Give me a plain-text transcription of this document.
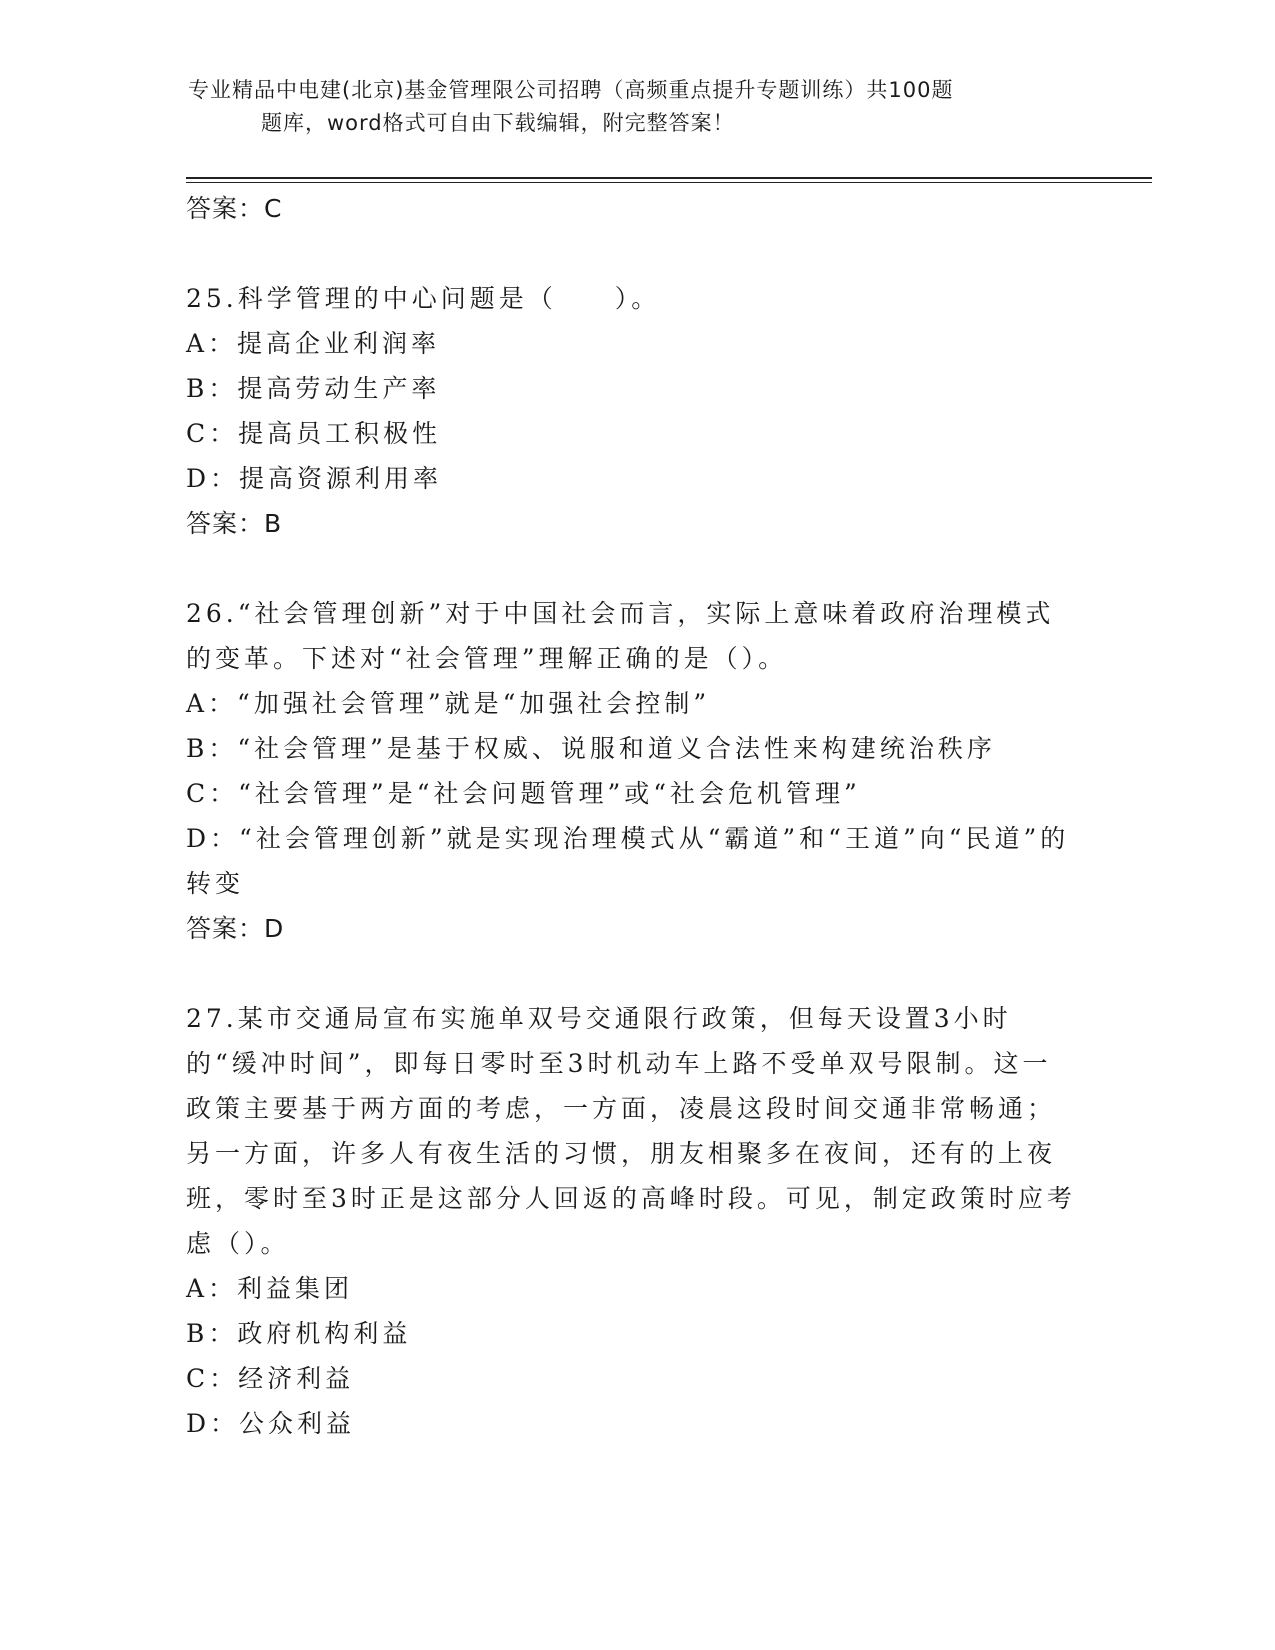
专业精品中电建(北京)基金管理限公司招聘（高频重点提升专题训练）共100题
题库，word格式可自由下载编辑，附完整答案！

答案：C

25.科学管理的中心问题是（　　）。

A：提高企业利润率

B：提高劳动生产率

C：提高员工积极性

D：提高资源利用率

答案：B

26.“社会管理创新”对于中国社会而言，实际上意味着政府治理模式的变革。下述对“社会管理”理解正确的是（）。

A：“加强社会管理”就是“加强社会控制”

B：“社会管理”是基于权威、说服和道义合法性来构建统治秩序

C：“社会管理”是“社会问题管理”或“社会危机管理”

D：“社会管理创新”就是实现治理模式从“霸道”和“王道”向“民道”的转变

答案：D

27.某市交通局宣布实施单双号交通限行政策，但每天设置3小时的“缓冲时间”，即每日零时至3时机动车上路不受单双号限制。这一政策主要基于两方面的考虑，一方面，凌晨这段时间交通非常畅通；另一方面，许多人有夜生活的习惯，朋友相聚多在夜间，还有的上夜班，零时至3时正是这部分人回返的高峰时段。可见，制定政策时应考虑（）。

A：利益集团

B：政府机构利益

C：经济利益

D：公众利益
